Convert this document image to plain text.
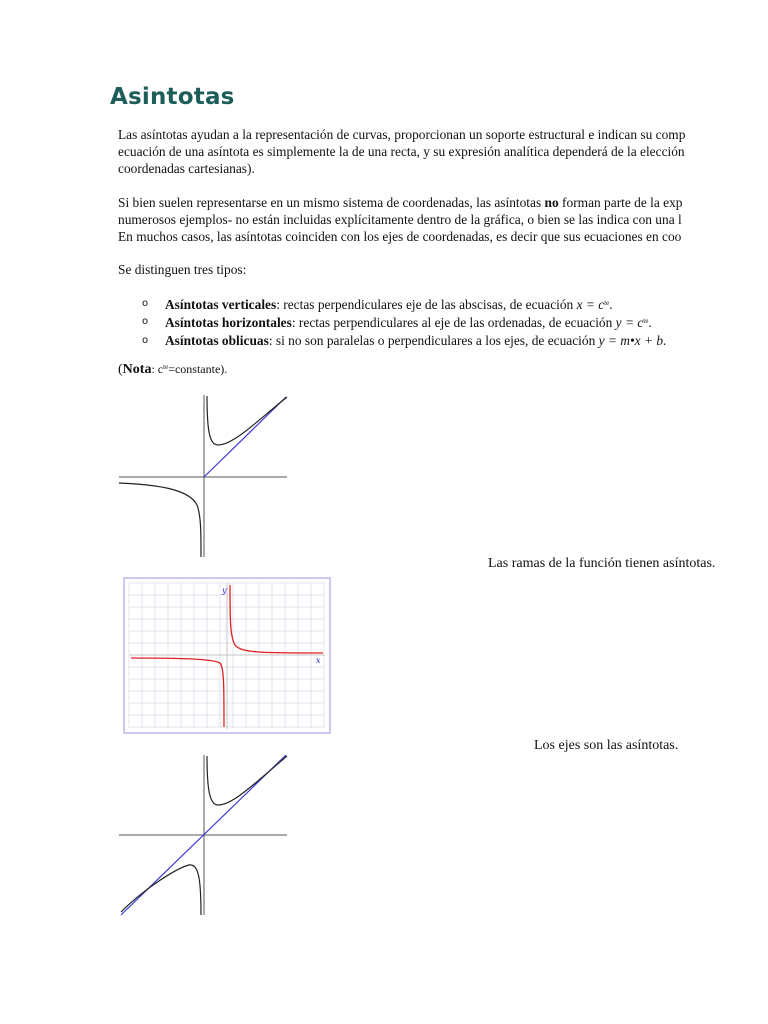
Asintotas

Las asíntotas ayudan a la representación de curvas, proporcionan un soporte estructural e indican su comp

ecuación de una asíntota es simplemente la de una recta, y su expresión analítica dependerá de la elección

coordenadas cartesianas).

Si bien suelen representarse en un mismo sistema de coordenadas, las asíntotas no forman parte de la exp

numerosos ejemplos- no están incluidas explícitamente dentro de la gráfica, o bien se las indica con una l

En muchos casos, las asíntotas coinciden con los ejes de coordenadas, es decir que sus ecuaciones en coo

Se distinguen tres tipos:
o Asíntotas verticales: rectas perpendiculares eje de las abscisas, de ecuación $x = c^{te}$.
o Asíntotas horizontales: rectas perpendiculares al eje de las ordenadas, de ecuación $y = c^{te}$.
o Asíntotas oblicuas: si no son paralelas o perpendiculares a los ejes, de ecuación y = m•x + b.
(Nota: $c^{te}=constante$).
Las ramas de la función tienen asíntotas.
y
x
Los ejes son las asíntotas.
